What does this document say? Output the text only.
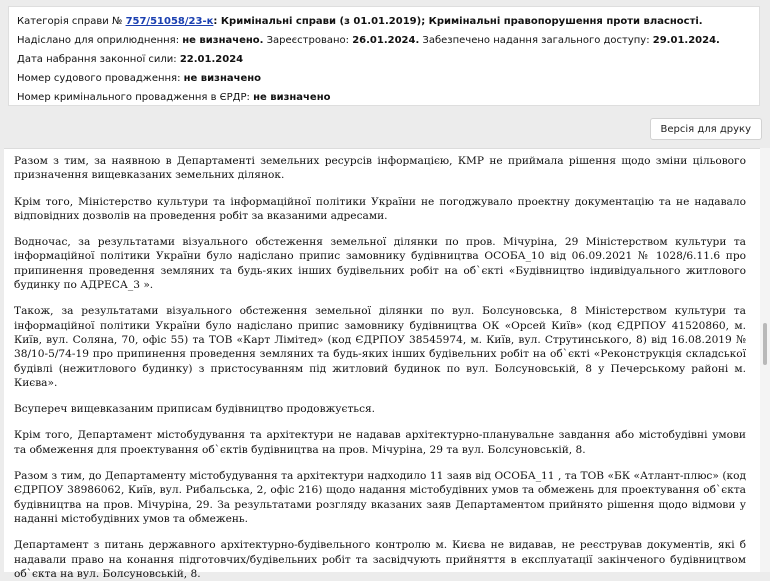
Категорія справи № 757/51058/23-к: Кримінальні справи (з 01.01.2019); Кримінальні правопорушення проти власності.
Надіслано для оприлюднення: не визначено. Зареєстровано: 26.01.2024. Забезпечено надання загального доступу: 29.01.2024.
Дата набрання законної сили: 22.01.2024
Номер судового провадження: не визначено
Номер кримінального провадження в ЄРДР: не визначено
Версія для друку

Разом з тим, за наявною в Департаменті земельних ресурсів інформацією, КМР не приймала рішення щодо зміни цільового призначення вищевказаних земельних ділянок.

Крім того, Міністерство культури та інформаційної політики України не погоджувало проектну документацію та не надавало відповідних дозволів на проведення робіт за вказаними адресами.

Водночас, за результатами візуального обстеження земельної ділянки по пров. Мічуріна, 29 Міністерством культури та інформаційної політики України було надіслано припис замовнику будівництва ОСОБА_10 від 06.09.2021 № 1028/6.11.6 про припинення проведення земляних та будь-яких інших будівельних робіт на об`єкті «Будівництво індивідуального житлового будинку по АДРЕСА_3 ».

Також, за результатами візуального обстеження земельної ділянки по вул. Болсуновська, 8 Міністерством культури та інформаційної політики України було надіслано припис замовнику будівництва ОК «Орсей Київ» (код ЄДРПОУ 41520860, м. Київ, вул. Соляна, 70, офіс 55) та ТОВ «Карт Лімітед» (код ЄДРПОУ 38545974, м. Київ, вул. Струтинського, 8) від 16.08.2019 № 38/10-5/74-19 про припинення проведення земляних та будь-яких інших будівельних робіт на об`єкті «Реконструкція складської будівлі (нежитлового будинку) з пристосуванням під житловий будинок по вул. Болсуновській, 8 у Печерському районі м. Києва».

Всупереч вищевказаним приписам будівництво продовжується.

Крім того, Департамент містобудування та архітектури не надавав архітектурно-планувальне завдання або містобудівні умови та обмеження для проектування об`єктів будівництва на пров. Мічуріна, 29 та вул. Болсуновській, 8.

Разом з тим, до Департаменту містобудування та архітектури надходило 11 заяв від ОСОБА_11 , та ТОВ «БК «Атлант-плюс» (код ЄДРПОУ 38986062, Київ, вул. Рибальська, 2, офіс 216) щодо надання містобудівних умов та обмежень для проектування об`єкта будівництва на пров. Мічуріна, 29. За результатами розгляду вказаних заяв Департаментом прийнято рішення щодо відмови у наданні містобудівних умов та обмежень.

Департамент з питань державного архітектурно-будівельного контролю м. Києва не видавав, не реєстрував документів, які б надавали право на конання підготовчих/будівельних робіт та засвідчують прийняття в експлуатації закінченого будівництвом об`єкта на вул. Болсуновській, 8.
